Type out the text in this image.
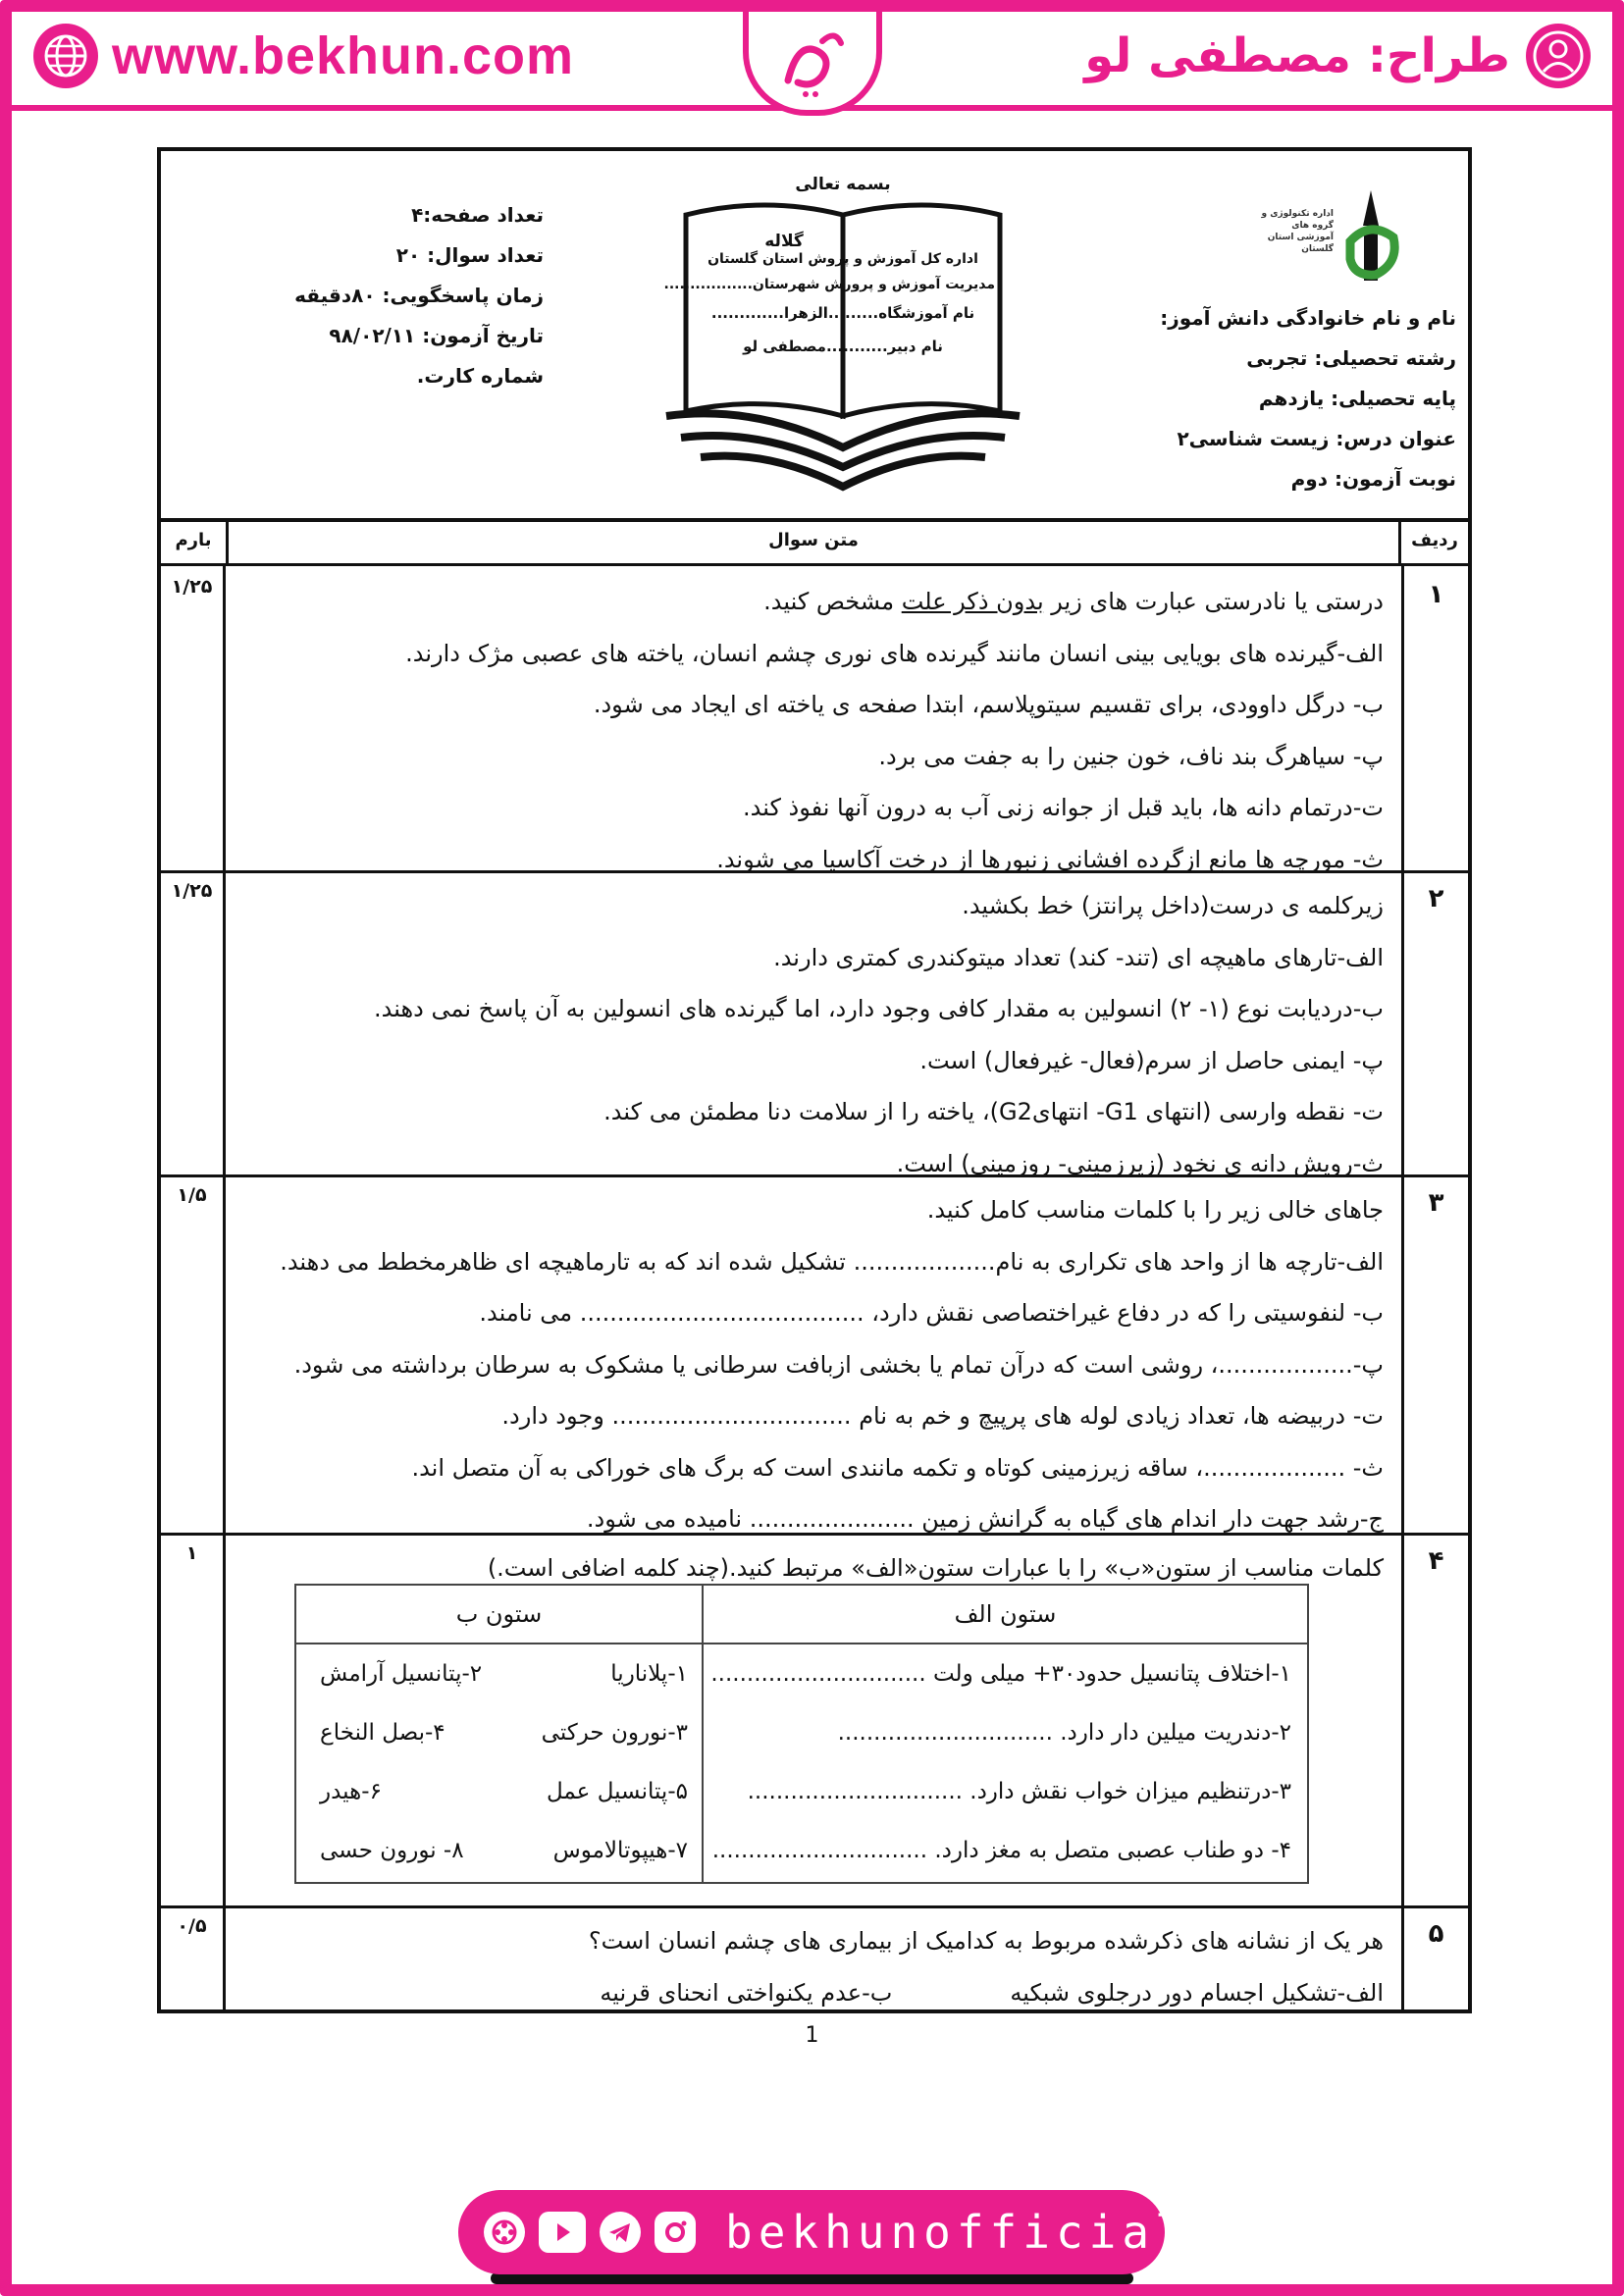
www.bekhun.com	طراح: مصطفی لو
اداره تکنولوژی و گروه های آموزشی استان گلستان
نام و نام خانوادگی دانش آموز:
رشته تحصیلی: تجربی
پایه تحصیلی: یازدهم
عنوان درس: زیست شناسی۲
نوبت آزمون: دوم
بسمه تعالی
اداره کل آموزش و پروش استان گلستان
گلاله
مدیریت آموزش و پرورش شهرستان.................
نام آموزشگاه.........الزهرا.............
نام دبیر...........مصطفی لو
تعداد صفحه:۴
تعداد سوال: ۲۰
زمان پاسخگویی: ۸۰دقیقه
تاریخ آزمون: ۹۸/۰۲/۱۱
شماره کارت.
ردیف
متن سوال
بارم
۱
درستی یا نادرستی عبارت های زیر بدون ذکر علت مشخص کنید.
الف-گیرنده های بویایی بینی انسان مانند گیرنده های نوری چشم انسان، یاخته های عصبی مژک دارند.
ب- درگل داوودی، برای تقسیم سیتوپلاسم، ابتدا صفحه ی یاخته ای ایجاد می شود.
پ- سیاهرگ بند ناف، خون جنین را به جفت می برد.
ت-درتمام دانه ها، باید قبل از جوانه زنی آب به درون آنها نفوذ کند.
ث- مورچه ها مانع ازگرده افشانی زنبورها از درخت آکاسیا می شوند.
۱/۲۵
۲
زیرکلمه ی درست(داخل پرانتز) خط بکشید.
الف-تارهای ماهیچه ای (تند- کند) تعداد میتوکندری کمتری دارند.
ب-دردیابت نوع (۱- ۲) انسولین به مقدار کافی وجود دارد، اما گیرنده های انسولین به آن پاسخ نمی دهند.
پ- ایمنی حاصل از سرم(فعال- غیرفعال) است.
ت- نقطه وارسی (انتهای G1- انتهایG2)، یاخته را از سلامت دنا مطمئن می کند.
ث-رویش دانه ی نخود (زیرزمینی- روزمینی) است.
۱/۲۵
۳
جاهای خالی زیر را با کلمات مناسب کامل کنید.
الف-تارچه ها از واحد های تکراری به نام................... تشکیل شده اند که به تارماهیچه ای ظاهرمخطط می دهند.
ب- لنفوسیتی را که در دفاع غیراختصاصی نقش دارد، ...................................... می نامند.
پ-..................، روشی است که درآن تمام یا بخشی ازبافت سرطانی یا مشکوک به سرطان برداشته می شود.
ت- دربیضه ها، تعداد زیادی لوله های پرپیچ و خم به نام ................................ وجود دارد.
ث- ...................، ساقه زیرزمینی کوتاه و تکمه مانندی است که برگ های خوراکی به آن متصل اند.
ج-رشد جهت دار اندام های گیاه به گرانش زمین ...................... نامیده می شود.
۱/۵
۴
کلمات مناسب از ستون«ب» را با عبارات ستون«الف» مرتبط کنید.(چند کلمه اضافی است.)
ستون الف
۱-اختلاف پتانسیل حدود۳۰+ میلی ولت ..............................
۲-دندریت میلین دار دارد. ..............................
۳-درتنظیم میزان خواب نقش دارد. ..............................
۴- دو طناب عصبی متصل به مغز دارد. ..............................
ستون ب
۱-پلاناریا
۲-پتانسیل آرامش
۳-نورون حرکتی
۴-بصل النخاع
۵-پتانسیل عمل
۶-هیدر
۷-هیپوتالاموس
۸- نورون حسی
۱
۵
هر یک از نشانه های ذکرشده مربوط به کدامیک از بیماری های چشم انسان است؟
الف-تشکیل اجسام دور درجلوی شبکیهب-عدم یکنواختی انحنای قرنیه
۰/۵
1
bekhunofficial
